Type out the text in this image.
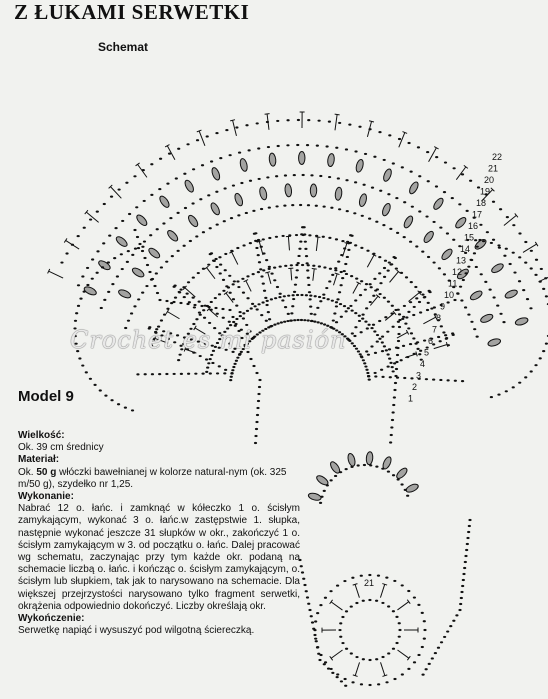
Z ŁUKAMI SERWETKI
Schemat
22
21
20
19
18
17
16
15
14
13
12
11
10
9
8
7
6
5
4
3
2
1
21
Crochet es mi pasión
Model 9

Wielkość:

Ok. 39 cm średnicy

Materiał:

Ok. 50 g włóczki bawełnianej w kolorze natural-nym (ok. 325 m/50 g), szydełko nr 1,25.

Wykonanie:

Nabrać 12 o. łańc. i zamknąć w kółeczko 1 o. ścisłym zamykającym, wykonać 3 o. łańc.w zastępstwie 1. słupka, następnie wykonać jeszcze 31 słupków w okr., zakończyć 1 o. ścisłym zamykającym w 3. od początku o. łańc. Dalej pracować wg schematu, zaczynając przy tym każde okr. podaną na schemacie liczbą o. łańc. i kończąc o. ścisłym zamykającym, o. ścisłym lub słupkiem, tak jak to narysowano na schemacie. Dla większej przejrzystości narysowano tylko fragment serwetki, okrążenia odpowiednio dokończyć. Liczby określają okr.

Wykończenie:

Serwetkę napiąć i wysuszyć pod wilgotną ściereczką.
